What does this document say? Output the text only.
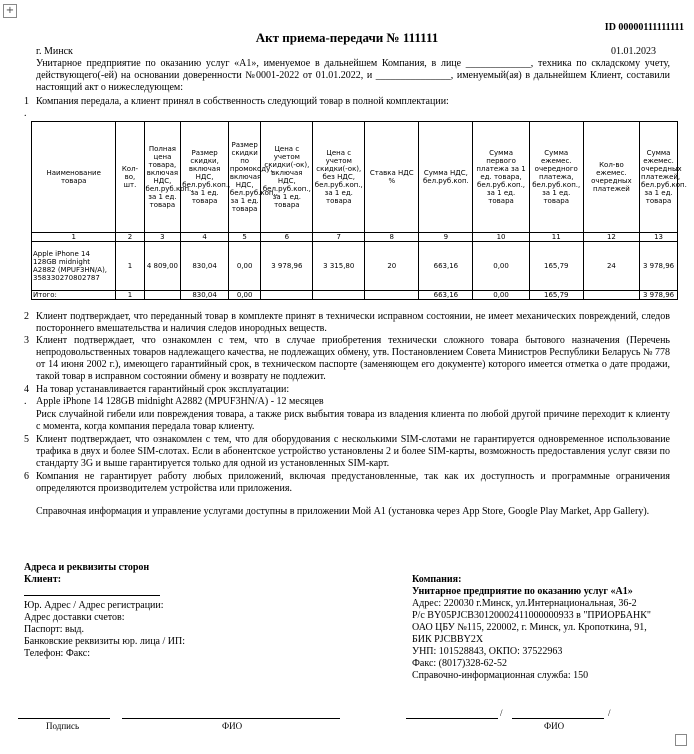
+
ID 00000111111111
Акт приема-передачи № 111111
г. Минск	01.01.2023
Унитарное предприятие по оказанию услуг «А1», именуемое в дальнейшем Компания, в лице _____________, техника по складскому учету, действующего(-ей) на основании доверенности №0001-2022 от 01.01.2022, и _______________, именуемый(ая) в дальнейшем Клиент, составили настоящий акт о нижеследующем:
1 Компания передала, а клиент принял в собственность следующий товар в полной комплектации:
.
Наименование товара	Кол-во, шт.	Полная цена товара, включая НДС, бел.руб.коп., за 1 ед. товара	Размер скидки, включая НДС, бел.руб.коп., за 1 ед. товара	Размер скидки по промокоду, включая НДС, бел.руб.коп., за 1 ед. товара	Цена с учетом скидки(-ок), включая НДС, бел.руб.коп., за 1 ед. товара	Цена с учетом скидки(-ок), без НДС, бел.руб.коп., за 1 ед. товара	Ставка НДС %	Сумма НДС, бел.руб.коп.	Сумма первого платежа за 1 ед. товара, бел.руб.коп., за 1 ед. товара	Сумма ежемес. очередного платежа, бел.руб.коп., за 1 ед. товара	Кол-во ежемес. очередных платежей	Сумма ежемес. очередных платежей, бел.руб.коп. за 1 ед. товара
1	2	3	4	5	6	7	8	9	10	11	12	13
Apple iPhone 14 128GB midnight A2882 (MPUF3HN/A), 358330270802787	1	4 809,00	830,04	0,00	3 978,96	3 315,80	20	663,16	0,00	165,79	24	3 978,96
Итого:	1		830,04	0,00				663,16	0,00	165,79		3 978,96
2 Клиент подтверждает, что переданный товар в комплекте принят в технически исправном состоянии, не имеет механических повреждений, следов постороннего вмешательства и наличия следов инородных веществ.
3 Клиент подтверждает, что ознакомлен с тем, что в случае приобретения технически сложного товара бытового назначения (Перечень непродовольственных товаров надлежащего качества, не подлежащих обмену, утв. Постановлением Совета Министров Республики Беларусь № 778 от 14 июня 2002 г.), имеющего гарантийный срок, в техническом паспорте (заменяющем его документе) которого имеется отметка о дате продажи, такой товар в исправном состоянии обмену и возврату не подлежит.
4 На товар устанавливается гарантийный срок эксплуатации:
. Apple iPhone 14 128GB midnight A2882 (MPUF3HN/A) - 12 месяцев
Риск случайной гибели или повреждения товара, а также риск выбытия товара из владения клиента по любой другой причине переходит к клиенту с момента, когда компания передала товар клиенту.
5 Клиент подтверждает, что ознакомлен с тем, что для оборудования с несколькими SIM-слотами не гарантируется одновременное использование трафика в двух и более SIM-слотах. Если в абонентское устройство установлены 2 и более SIM-карты, возможность предоставления услуг связи по стандарту 3G и выше гарантируется только для одной из установленных SIM-карт.
6 Компания не гарантирует работу любых приложений, включая предустановленные, так как их доступность и программные ограничения определяются производителем устройства или приложения.
Справочная информация и управление услугами доступны в приложении Мой А1 (установка через App Store, Google Play Market, App Gallery).
Адреса и реквизиты сторон
Клиент:
Юр. Адрес / Адрес регистрации:
Адрес доставки счетов:
Паспорт: выд.
Банковские реквизиты юр. лица / ИП:
Телефон: Факс:
Компания:
Унитарное предприятие по оказанию услуг «А1»
Адрес: 220030 г.Минск, ул.Интернациональная, 36-2
Р/с BY05PJCB30120002411000000933 в "ПРИОРБАНК"
ОАО ЦБУ №115, 220002, г. Минск, ул. Кропоткина, 91,
БИК PJCBBY2X
УНП: 101528843, ОКПО: 37522963
Факс: (8017)328-62-52
Справочно-информационная служба: 150
/	/
Подпись	ФИО	ФИО
